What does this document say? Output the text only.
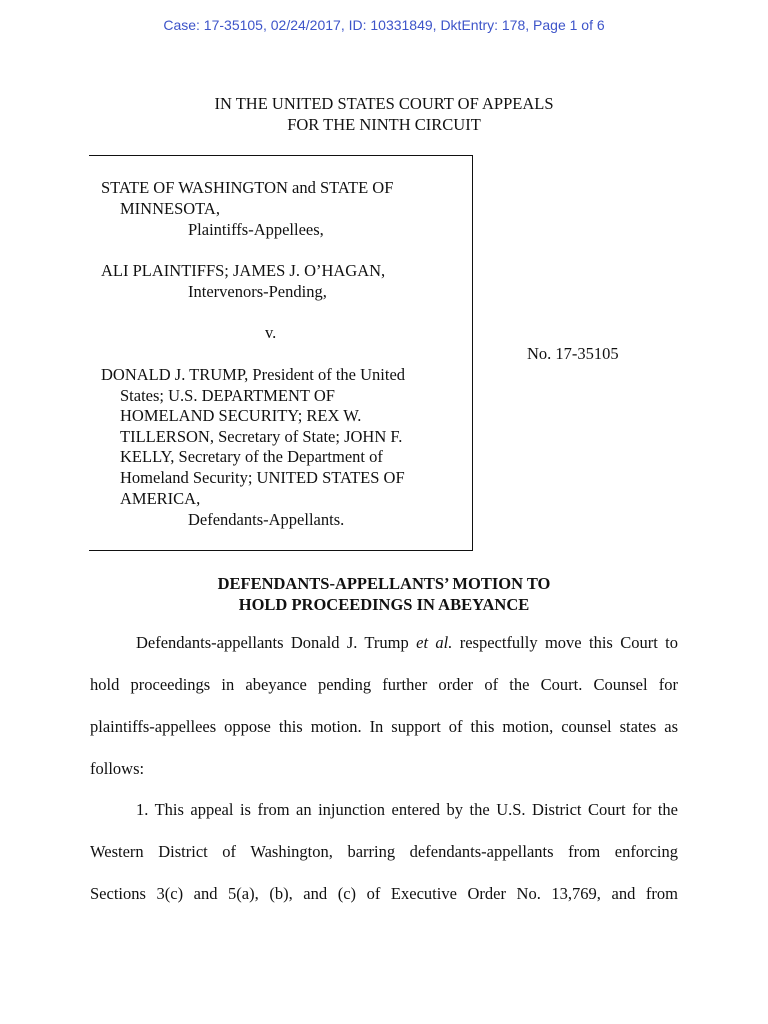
Case: 17-35105, 02/24/2017, ID: 10331849, DktEntry: 178, Page 1 of 6
IN THE UNITED STATES COURT OF APPEALS
FOR THE NINTH CIRCUIT
STATE OF WASHINGTON and STATE OF
MINNESOTA,
Plaintiffs-Appellees,
ALI PLAINTIFFS; JAMES J. O’HAGAN,
Intervenors-Pending,
v.
DONALD J. TRUMP, President of the United
States; U.S. DEPARTMENT OF
HOMELAND SECURITY; REX W.
TILLERSON, Secretary of State; JOHN F.
KELLY, Secretary of the Department of
Homeland Security; UNITED STATES OF
AMERICA,
Defendants-Appellants.
No. 17-35105
DEFENDANTS-APPELLANTS’ MOTION TO
HOLD PROCEEDINGS IN ABEYANCE
Defendants-appellants Donald J. Trump et al. respectfully move this Court to
hold proceedings in abeyance pending further order of the Court. Counsel for
plaintiffs-appellees oppose this motion. In support of this motion, counsel states as
follows:
1. This appeal is from an injunction entered by the U.S. District Court for the
Western District of Washington, barring defendants-appellants from enforcing
Sections 3(c) and 5(a), (b), and (c) of Executive Order No. 13,769, and from
